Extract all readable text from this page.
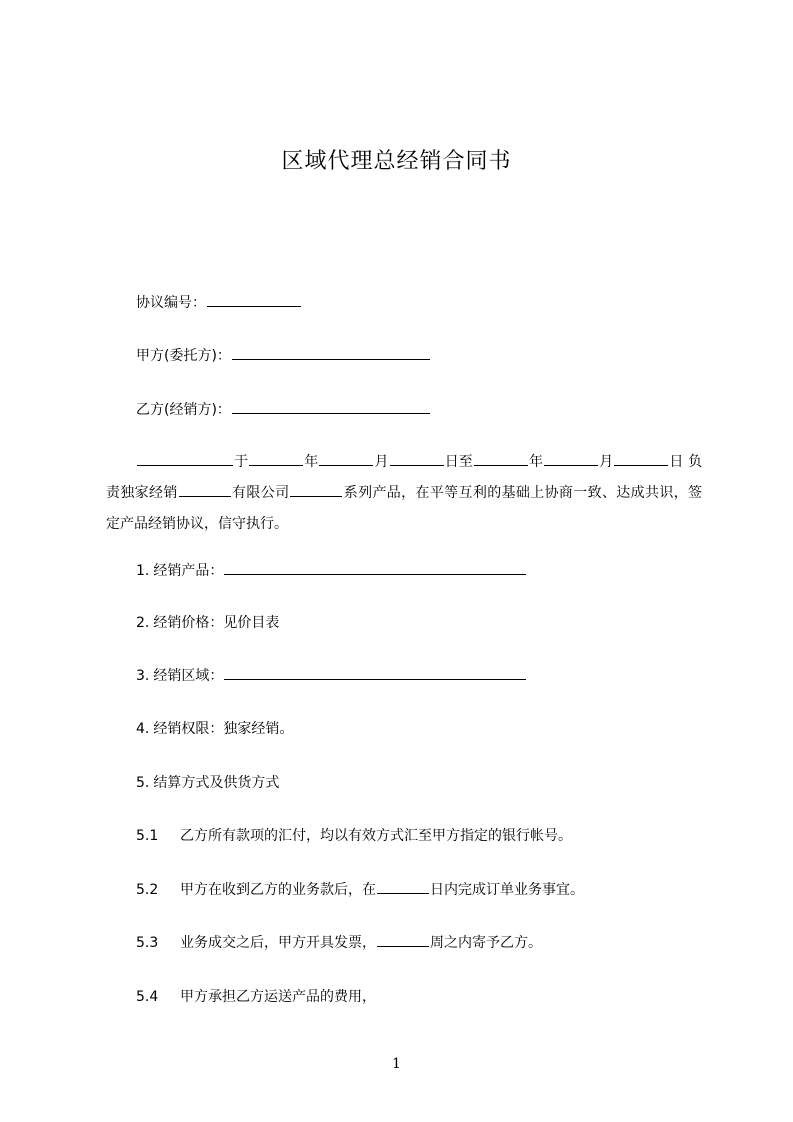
区域代理总经销合同书
协议编号：
甲方(委托方)：
乙方(经销方)：
于	年	月	日至	年	月	日 负责独家经销	有限公司	系列产品，在平等互利的基础上协商一致、达成共识，签定产品经销协议，信守执行。
1. 经销产品：
2. 经销价格：见价目表
3. 经销区域：
4. 经销权限：独家经销。
5. 结算方式及供货方式
5.1 乙方所有款项的汇付，均以有效方式汇至甲方指定的银行帐号。
5.2 甲方在收到乙方的业务款后，在	日内完成订单业务事宜。
5.3 业务成交之后，甲方开具发票，	周之内寄予乙方。
5.4 甲方承担乙方运送产品的费用，
1
